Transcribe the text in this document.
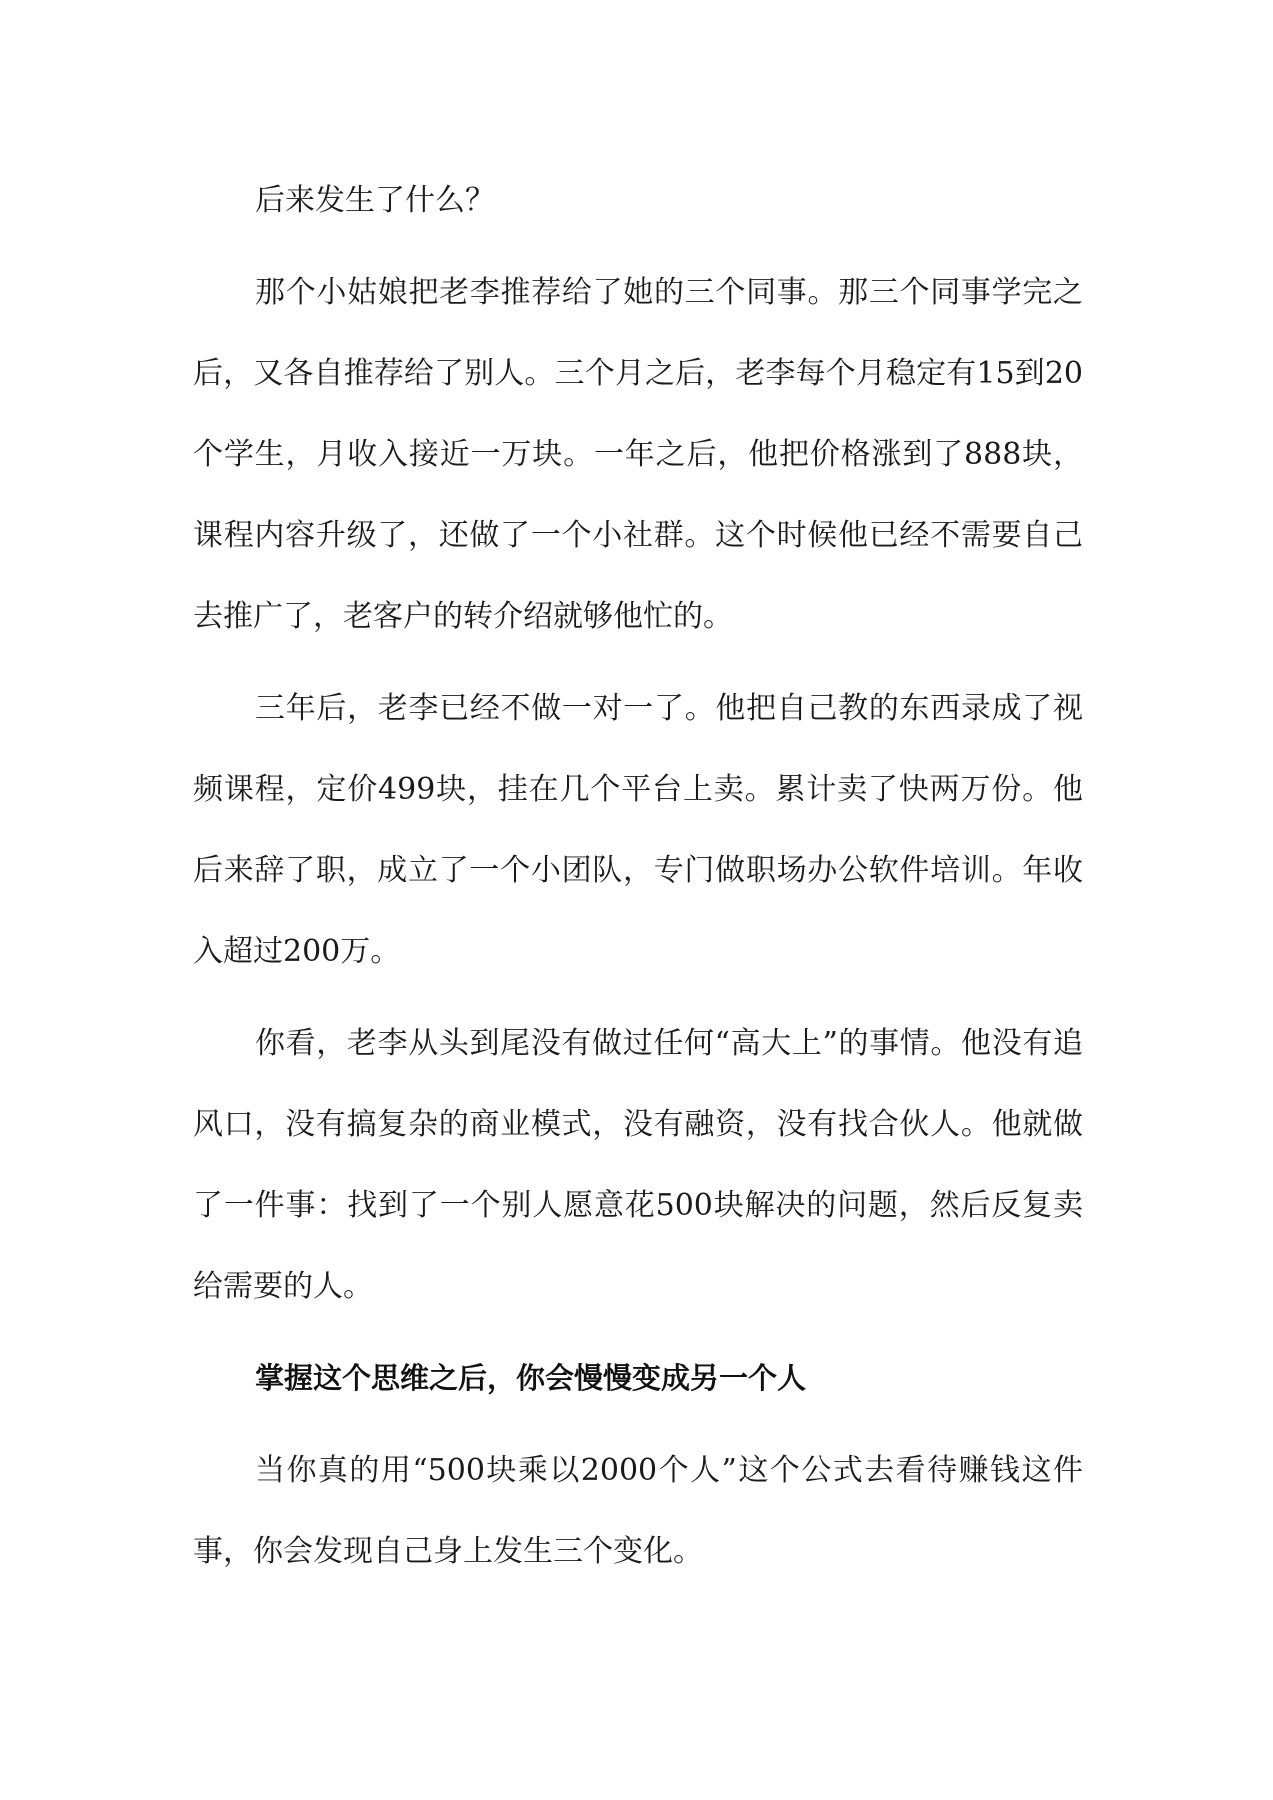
后来发生了什么？

那个小姑娘把老李推荐给了她的三个同事。那三个同事学完之后，又各自推荐给了别人。三个月之后，老李每个月稳定有15到20个学生，月收入接近一万块。一年之后，他把价格涨到了888块，课程内容升级了，还做了一个小社群。这个时候他已经不需要自己去推广了，老客户的转介绍就够他忙的。

三年后，老李已经不做一对一了。他把自己教的东西录成了视频课程，定价499块，挂在几个平台上卖。累计卖了快两万份。他后来辞了职，成立了一个小团队，专门做职场办公软件培训。年收入超过200万。

你看，老李从头到尾没有做过任何“高大上”的事情。他没有追风口，没有搞复杂的商业模式，没有融资，没有找合伙人。他就做了一件事：找到了一个别人愿意花500块解决的问题，然后反复卖给需要的人。

掌握这个思维之后，你会慢慢变成另一个人

当你真的用“500块乘以2000个人”这个公式去看待赚钱这件事，你会发现自己身上发生三个变化。
